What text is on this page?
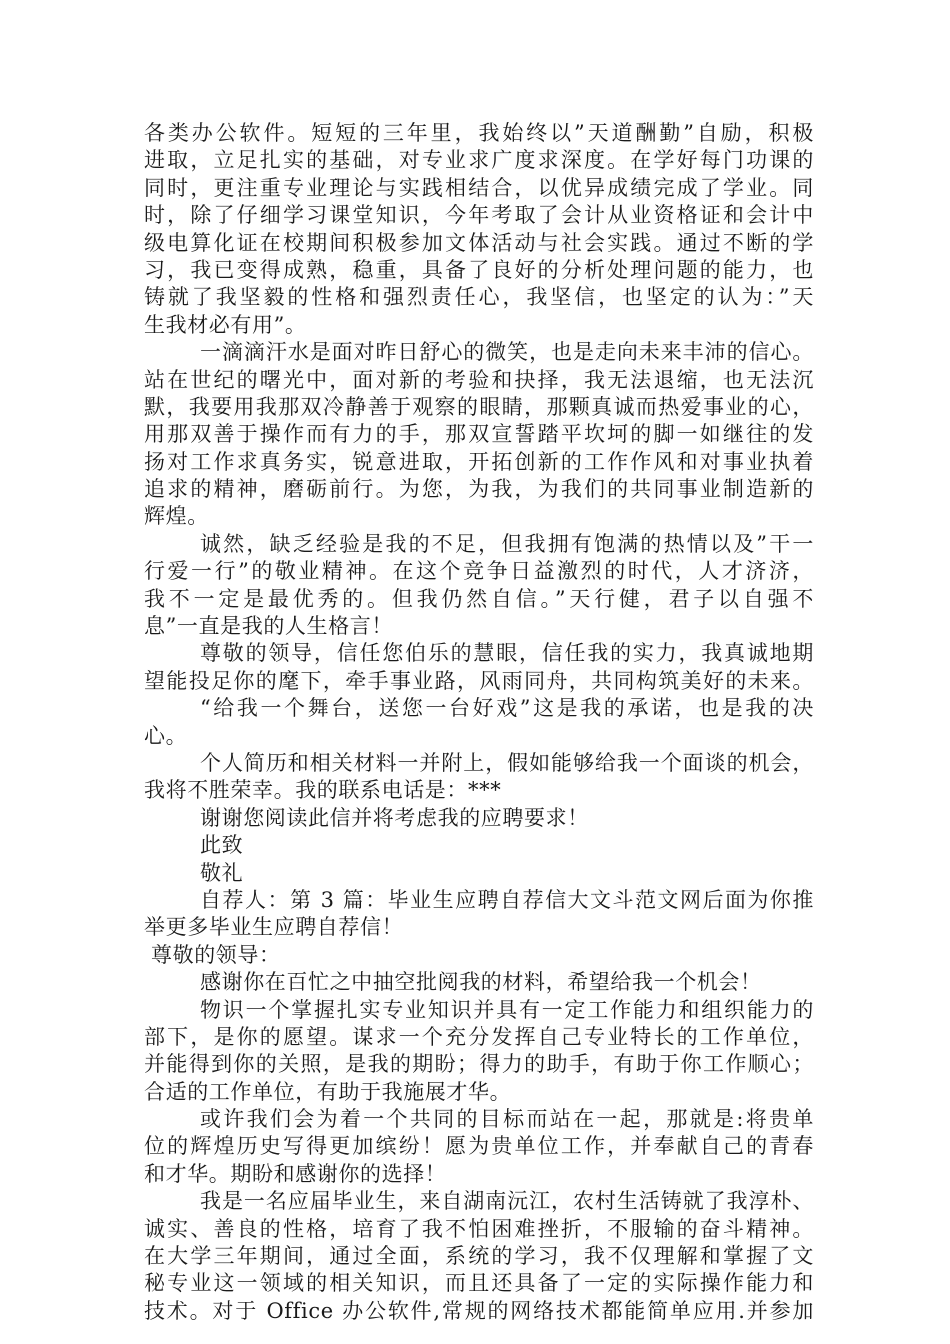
各类办公软件。短短的三年里，我始终以”天道酬勤”自励，积极
进取，立足扎实的基础，对专业求广度求深度。在学好每门功课的
同时，更注重专业理论与实践相结合，以优异成绩完成了学业。同
时，除了仔细学习课堂知识，今年考取了会计从业资格证和会计中
级电算化证在校期间积极参加文体活动与社会实践。通过不断的学
习，我已变得成熟，稳重，具备了良好的分析处理问题的能力，也
铸就了我坚毅的性格和强烈责任心，我坚信，也坚定的认为：”天
生我材必有用”。
一滴滴汗水是面对昨日舒心的微笑，也是走向未来丰沛的信心。
站在世纪的曙光中，面对新的考验和抉择，我无法退缩，也无法沉
默，我要用我那双冷静善于观察的眼睛，那颗真诚而热爱事业的心，
用那双善于操作而有力的手，那双宣誓踏平坎坷的脚一如继往的发
扬对工作求真务实，锐意进取，开拓创新的工作作风和对事业执着
追求的精神，磨砺前行。为您，为我，为我们的共同事业制造新的
辉煌。
诚然，缺乏经验是我的不足，但我拥有饱满的热情以及”干一
行爱一行”的敬业精神。在这个竞争日益激烈的时代，人才济济，
我不一定是最优秀的。但我仍然自信。”天行健，君子以自强不
息”一直是我的人生格言！
尊敬的领导，信任您伯乐的慧眼，信任我的实力，我真诚地期
望能投足你的麾下，牵手事业路，风雨同舟，共同构筑美好的未来。
“给我一个舞台，送您一台好戏”这是我的承诺，也是我的决
心。
个人简历和相关材料一并附上，假如能够给我一个面谈的机会，
我将不胜荣幸。我的联系电话是：***
谢谢您阅读此信并将考虑我的应聘要求！
此致
敬礼
自荐人：第 3 篇：毕业生应聘自荐信大文斗范文网后面为你推
举更多毕业生应聘自荐信！
尊敬的领导：
感谢你在百忙之中抽空批阅我的材料，希望给我一个机会！
物识一个掌握扎实专业知识并具有一定工作能力和组织能力的
部下，是你的愿望。谋求一个充分发挥自己专业特长的工作单位，
并能得到你的关照，是我的期盼；得力的助手，有助于你工作顺心；
合适的工作单位，有助于我施展才华。
或许我们会为着一个共同的目标而站在一起，那就是:将贵单
位的辉煌历史写得更加缤纷！愿为贵单位工作，并奉献自己的青春
和才华。期盼和感谢你的选择！
我是一名应届毕业生，来自湖南沅江，农村生活铸就了我淳朴、
诚实、善良的性格，培育了我不怕困难挫折，不服输的奋斗精神。
在大学三年期间，通过全面，系统的学习，我不仅理解和掌握了文
秘专业这一领域的相关知识，而且还具备了一定的实际操作能力和
技术。对于 Office 办公软件,常规的网络技术都能简单应用.并参加
